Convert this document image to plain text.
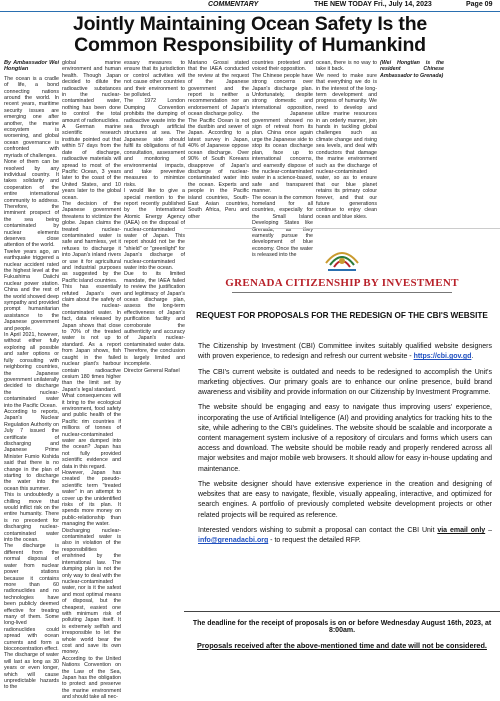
COMMENTARY	THE NEW TODAY Fri., July 14, 2023	Page 09
Jointly Maintaining Ocean Safety Is the
Common Responsibility of Humankind
By Ambassador Wei Hongtian

The ocean is a cradle of life, a bond connecting nations around the world. In recent years, maritime security issues are emerging one after another, the marine ecosystem is worsening, and global ocean governance is confronted with myriads of challenges.

None of them can be resolved by any individual country. It takes solidarity and cooperation of the entire international community to address. Therefore, the imminent prospect of the sea being contaminated by nuclear elements deserves close attention of the world.

Twelve years ago, an earthquake triggered a nuclear accident rated the highest level at the Fukushima Daiichi nuclear power station. China and the rest of the world showed deep sympathy and provided prompt humanitarian assistance to the Japanese government and people.

In April 2021, however, without either fully exploring all possible and safer options or fully consulting with neighboring countries, the Japanese government unilaterally decided to discharge the nuclear-contaminated water into the Pacific Ocean.

According to reports, Japan's Nuclear Regulation Authority on July 7 issued the certificate of discharging and Japanese Prime Minister Fumio Kishida said that there is no change in the plan of starting to discharge the water into the ocean this summer.

This is undoubtedly a chilling move that would inflict risk on the entire humanity. There is no precedent for discharging nuclear-contaminated water into the ocean.

The discharge is different from the normal disposal of water from nuclear power stations because it contains more than 60 radionuclides and no technologies have been publicly deemed effective for treating many of them. Some long-lived radionuclides could spread with ocean currents and form a bioconcentration effect.

The discharge of water will last as long as 30 years or even longer, which will cause unpredictable hazards to the

global marine environment and human health. Though Japan decided to dilute the radioactive substances in the nuclear-contaminated water, nothing has been done to control the total amount of radionuclides.

A German marine scientific research institute pointed out that within 57 days from the date of discharge, radioactive materials will spread to most of the Pacific Ocean, 3 years later to the coast of the United States, and 10 years later to the global ocean.

The decision of the Japanese government threatens to victimize the globe. Japan claims the treated nuclear-contaminated water is safe and harmless, yet it refuses to discharge it into Japan's inland rivers or use it for agricultural and industrial purposes as suggested by the Pacific island countries.

This has essentially refuted Japan's own claim about the safety of the nuclear-contaminated water. In fact, data released by Japan shows that close to 70% of the treated water is not up to standard. As a report from Japan shows, fish caught in the failed nuclear plant's harbour contain radioactive cesium 180 times higher than the limit set by Japan's legal standard.

What consequences will it bring to the ecological environment, food safety and public health of the Pacific rim countries if millions of tonnes of nuclear-contaminated water are dumped into the ocean? Japan has not fully provided scientific evidence and data in this regard.

However, Japan has created the pseudo-scientific term "treated water" in an attempt to cover up the unidentified risks of its plan. It spends more money on public-relationship than managing the water.

Discharging nuclear-contaminated water is also in violation of the responsibilities enshrined by the international law. The dumping plan is not the only way to deal with the nuclear-contaminated water, nor is it the safest and most optimal means of disposal, but the cheapest, easiest one with minimum risk of polluting Japan itself. It is extremely selfish and irresponsible to let the whole world bear the cost and save its own money.

According to the United Nations Convention on the Law of the Sea, Japan has the obligation to protect and preserve the marine environment and should take all nec-

essary measures to ensure that its jurisdiction or control activities will not cause other countries and their environment to be polluted.

The 1972 London Dumping Convention prohibits the dumping of radioactive waste into the sea through artificial structures at sea. The Japanese side should fulfil its obligations of full consultation, assessment and monitoring of environmental impacts, and take preventive measures to minimize risks.

I would like to give a special mention to the report recently published by the International Atomic Energy Agency (IAEA) on the disposal of nuclear-contaminated water of Japan. This report should not be the "shield" or "greenlight" for Japan's discharge of nuclear-contaminated water into the ocean.

Due to its limited mandate, the IAEA failed to review the justification and legitimacy of Japan's ocean discharge plan, assess the long-term effectiveness of Japan's purification facility and corroborate the authenticity and accuracy of Japan's nuclear-contaminated water data. Therefore, the conclusion is largely limited and incomplete.

Director General Rafael

Mariano Grossi stated that the IAEA conducted the review at the request of the Japanese government and the report is neither a recommendation nor an endorsement of Japan's ocean discharge policy.

The Pacific Ocean is not the dustbin and sewer of Japan. According to a latest survey in Japan, 40% of Japanese oppose ocean discharge. Over 90% of South Koreans disapprove of Japan's discharge of nuclear-contaminated water into the ocean. Experts and people in the Pacific island countries, South-East Asian countries, South Africa, Peru and other

countries protested and voiced their opposition.

The Chinese people have strong concerns over Japan's discharge plan. Unfortunately, despite strong domestic and international opposition, the Japanese government showed no sign of retreat from its plan. China once again urge the Japanese side to stop its ocean discharge plan, face up to international concerns, and earnestly dispose of the nuclear-contaminated water in a science-based, safe and transparent manner.

The ocean is the common homeland for all countries, especially for the Small Island Developing States like Grenada, as they earnestly pursue the development of blue economy. Once the water is released into the

ocean, there is no way to take it back.

We need to make sure that everything we do is in the interest of the long-term development and progress of humanity. We need to develop and utilize marine resources in an orderly manner, join hands in tackling global challenges such as climate change and rising sea levels, and deal with conductors that damage the marine environment such as the discharge of nuclear-contaminated water, so as to ensure that our blue planet retains its primary colour forever, and that our future generations continue to enjoy clean ocean and blue skies.

(Wei Hongtian is the resident Chinese Ambassador to Grenada)

GRENADA CITIZENSHIP BY INVESTMENT
REQUEST FOR PROPOSALS FOR THE REDESIGN OF THE CBI'S WEBSITE

The Citizenship by Investment (CBI) Committee invites suitably qualified website designers with proven experience, to redesign and refresh our current website - https://cbi.gov.gd.

The CBI's current website is outdated and needs to be redesigned to accomplish the Unit's marketing objectives. Our primary goals are to enhance our online presence, build brand awareness and visibility and provide information on our Citizenship by Investment Programme.

The website should be engaging and easy to navigate thus improving users' experience, incorporating the use of Artificial Intelligence (AI) and providing analytics for tracking hits to the site, while adhering to the CBI's guidelines. The website should be scalable and incorporate a content management system inclusive of a repository of circulars and forms which users can access and download. The website should be mobile ready and properly rendered across all major websites and major mobile web browsers. It should allow for easy in-house updating and maintenance.

The website designer should have extensive experience in the creation and designing of websites that are easy to navigate, flexible, visually appealing, interactive, and optimized for search engines. A portfolio of previously completed website development projects or other related projects will be required as reference.

Interested vendors wishing to submit a proposal can contact the CBI Unit via email only – info@grenadacbi.org - to request the detailed RFP.

The deadline for the receipt of proposals is on or before Wednesday August 16th, 2023, at 8:00am.
Proposals received after the above-mentioned time and date will not be considered.
